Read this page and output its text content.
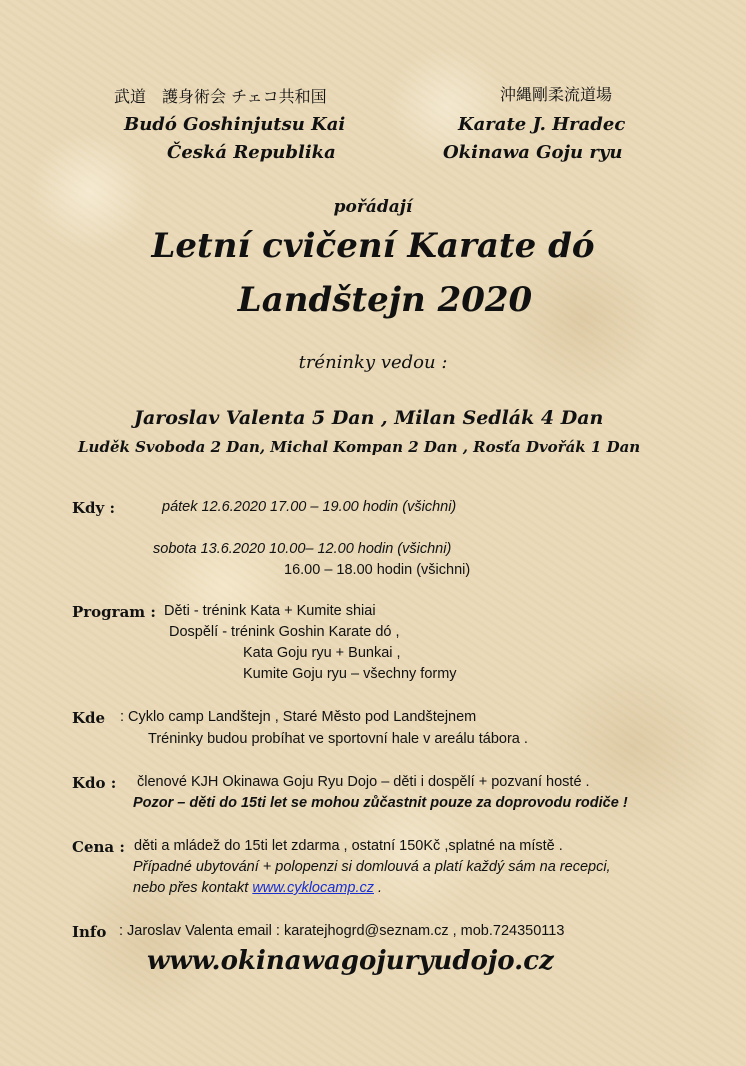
武道　護身術会 チェコ共和国	沖縄剛柔流道場
Budó Goshinjutsu Kai
Česká Republika
Karate J. Hradec
Okinawa Goju ryu
pořádají
Letní cvičení Karate dó
Landštejn 2020
tréninky vedou :
Jaroslav Valenta 5 Dan , Milan Sedlák 4 Dan
Luděk Svoboda 2 Dan, Michal Kompan 2 Dan , Rosťa Dvořák 1 Dan
Kdy :	pátek 12.6.2020 17.00 – 19.00 hodin (všichni)
sobota 13.6.2020 10.00– 12.00 hodin (všichni)
16.00 – 18.00 hodin (všichni)
Program : Děti - trénink Kata + Kumite shiai
Dospělí - trénink Goshin Karate dó ,
Kata Goju ryu + Bunkai ,
Kumite Goju ryu – všechny formy
Kde : Cyklo camp Landštejn , Staré Město pod Landštejnem
Tréninky budou probíhat ve sportovní hale v areálu tábora .
Kdo : členové KJH Okinawa Goju Ryu Dojo – děti i dospělí + pozvaní hosté .
Pozor – děti do 15ti let se mohou zůčastnit pouze za doprovodu rodiče !
Cena : děti a mládež do 15ti let zdarma , ostatní 150Kč ,splatné na místě .
Případné ubytování + polopenzi si domlouvá a platí každý sám na recepci,
nebo přes kontakt www.cyklocamp.cz .
Info : Jaroslav Valenta email : karatejhogrd@seznam.cz , mob.724350113
www.okinawagojuryudojo.cz
